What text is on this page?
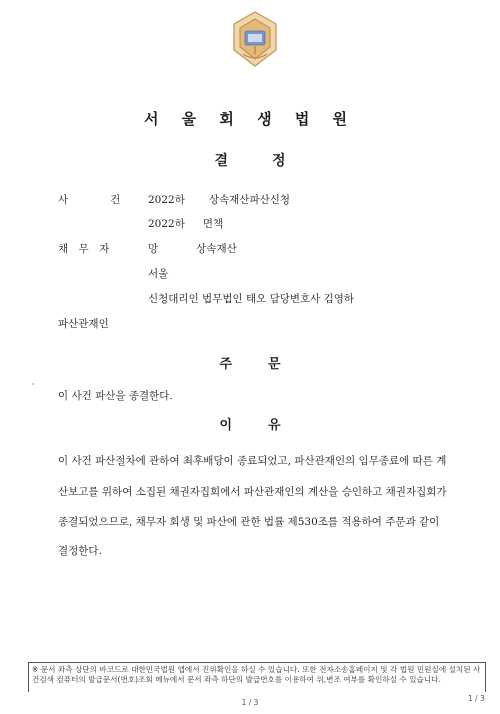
서 울 회 생 법 원
결	정
사　　　　건	2022하 상속재산파산신청
2022하 면책
채　무　자	망	상속재산
서울
신청대리인 법무법인 태오 담당변호사 김영하
파산관재인
주	문
이 사건 파산을 종결한다.
이	유
이 사건 파산절차에 관하여 최후배당이 종료되었고, 파산관재인의 임무종료에 따른 계
산보고를 위하여 소집된 채권자집회에서 파산관재인의 계산을 승인하고 채권자집회가
종결되었으므로, 채무자 회생 및 파산에 관한 법률 제530조를 적용하여 주문과 같이
결정한다.
※ 문서 좌측 상단의 바코드로 대한민국법원 앱에서 진위확인을 하실 수 있습니다. 또한 전자소송홈페이지 및 각 법원 민원실에 설치된 사건검색 컴퓨터의 발급문서(번호)조회 메뉴에서 문서 좌측 하단의 발급번호를 이용하여 위,변조 여부를 확인하실 수 있습니다.
1 / 3	1 / 3
